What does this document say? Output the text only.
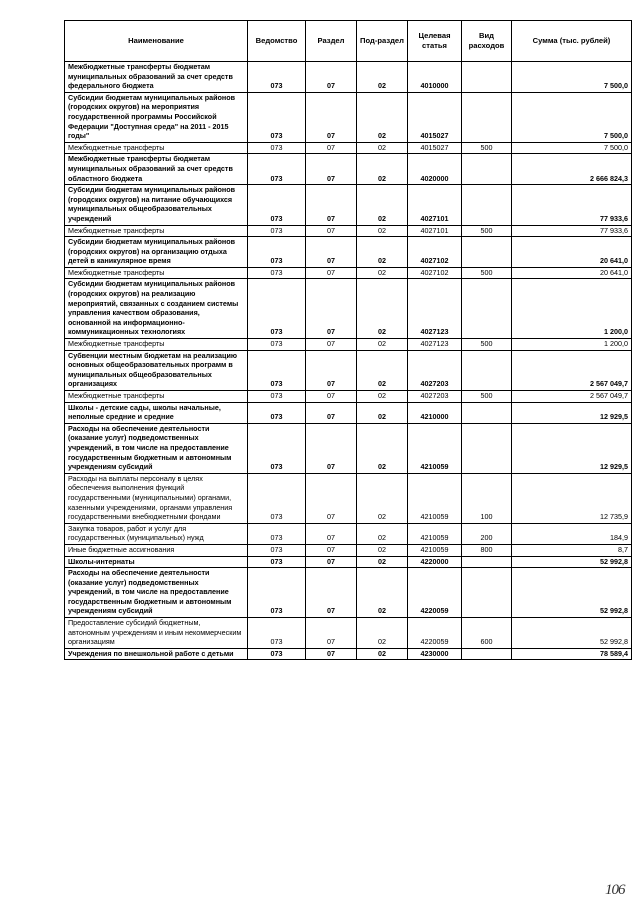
Наименование	Ведомство	Раздел	Под-раздел	Целевая статья	Вид расходов	Сумма (тыс. рублей)
Межбюджетные трансферты бюджетам муниципальных образований за счет средств федерального бюджета	073	07	02	4010000		7 500,0
Субсидии бюджетам муниципальных районов (городских округов) на мероприятия государственной программы Российской Федерации "Доступная среда" на 2011 - 2015 годы"	073	07	02	4015027		7 500,0
Межбюджетные трансферты	073	07	02	4015027	500	7 500,0
Межбюджетные трансферты бюджетам муниципальных образований за счет средств областного бюджета	073	07	02	4020000		2 666 824,3
Субсидии бюджетам муниципальных районов (городских округов) на питание обучающихся муниципальных общеобразовательных учреждений	073	07	02	4027101		77 933,6
Межбюджетные трансферты	073	07	02	4027101	500	77 933,6
Субсидии бюджетам муниципальных районов (городских округов) на организацию отдыха детей в каникулярное время	073	07	02	4027102		20 641,0
Межбюджетные трансферты	073	07	02	4027102	500	20 641,0
Субсидии бюджетам муниципальных районов (городских округов) на реализацию мероприятий, связанных с созданием системы управления качеством образования, основанной на информационно-коммуникационных технологиях	073	07	02	4027123		1 200,0
Межбюджетные трансферты	073	07	02	4027123	500	1 200,0
Субвенции местным бюджетам на реализацию основных общеобразовательных программ в муниципальных общеобразовательных организациях	073	07	02	4027203		2 567 049,7
Межбюджетные трансферты	073	07	02	4027203	500	2 567 049,7
Школы - детские сады, школы начальные, неполные средние и средние	073	07	02	4210000		12 929,5
Расходы на обеспечение деятельности (оказание услуг) подведомственных учреждений, в том числе на предоставление государственным бюджетным и автономным учреждениям субсидий	073	07	02	4210059		12 929,5
Расходы на выплаты персоналу в целях обеспечения выполнения функций государственными (муниципальными) органами, казенными учреждениями, органами управления государственными внебюджетными фондами	073	07	02	4210059	100	12 735,9
Закупка товаров, работ и услуг для государственных (муниципальных) нужд	073	07	02	4210059	200	184,9
Иные бюджетные ассигнования	073	07	02	4210059	800	8,7
Школы-интернаты	073	07	02	4220000		52 992,8
Расходы на обеспечение деятельности (оказание услуг) подведомственных учреждений, в том числе на предоставление государственным бюджетным и автономным учреждениям субсидий	073	07	02	4220059		52 992,8
Предоставление субсидий бюджетным, автономным учреждениям и иным некоммерческим организациям	073	07	02	4220059	600	52 992,8
Учреждения по внешкольной работе с детьми	073	07	02	4230000		78 589,4
106
